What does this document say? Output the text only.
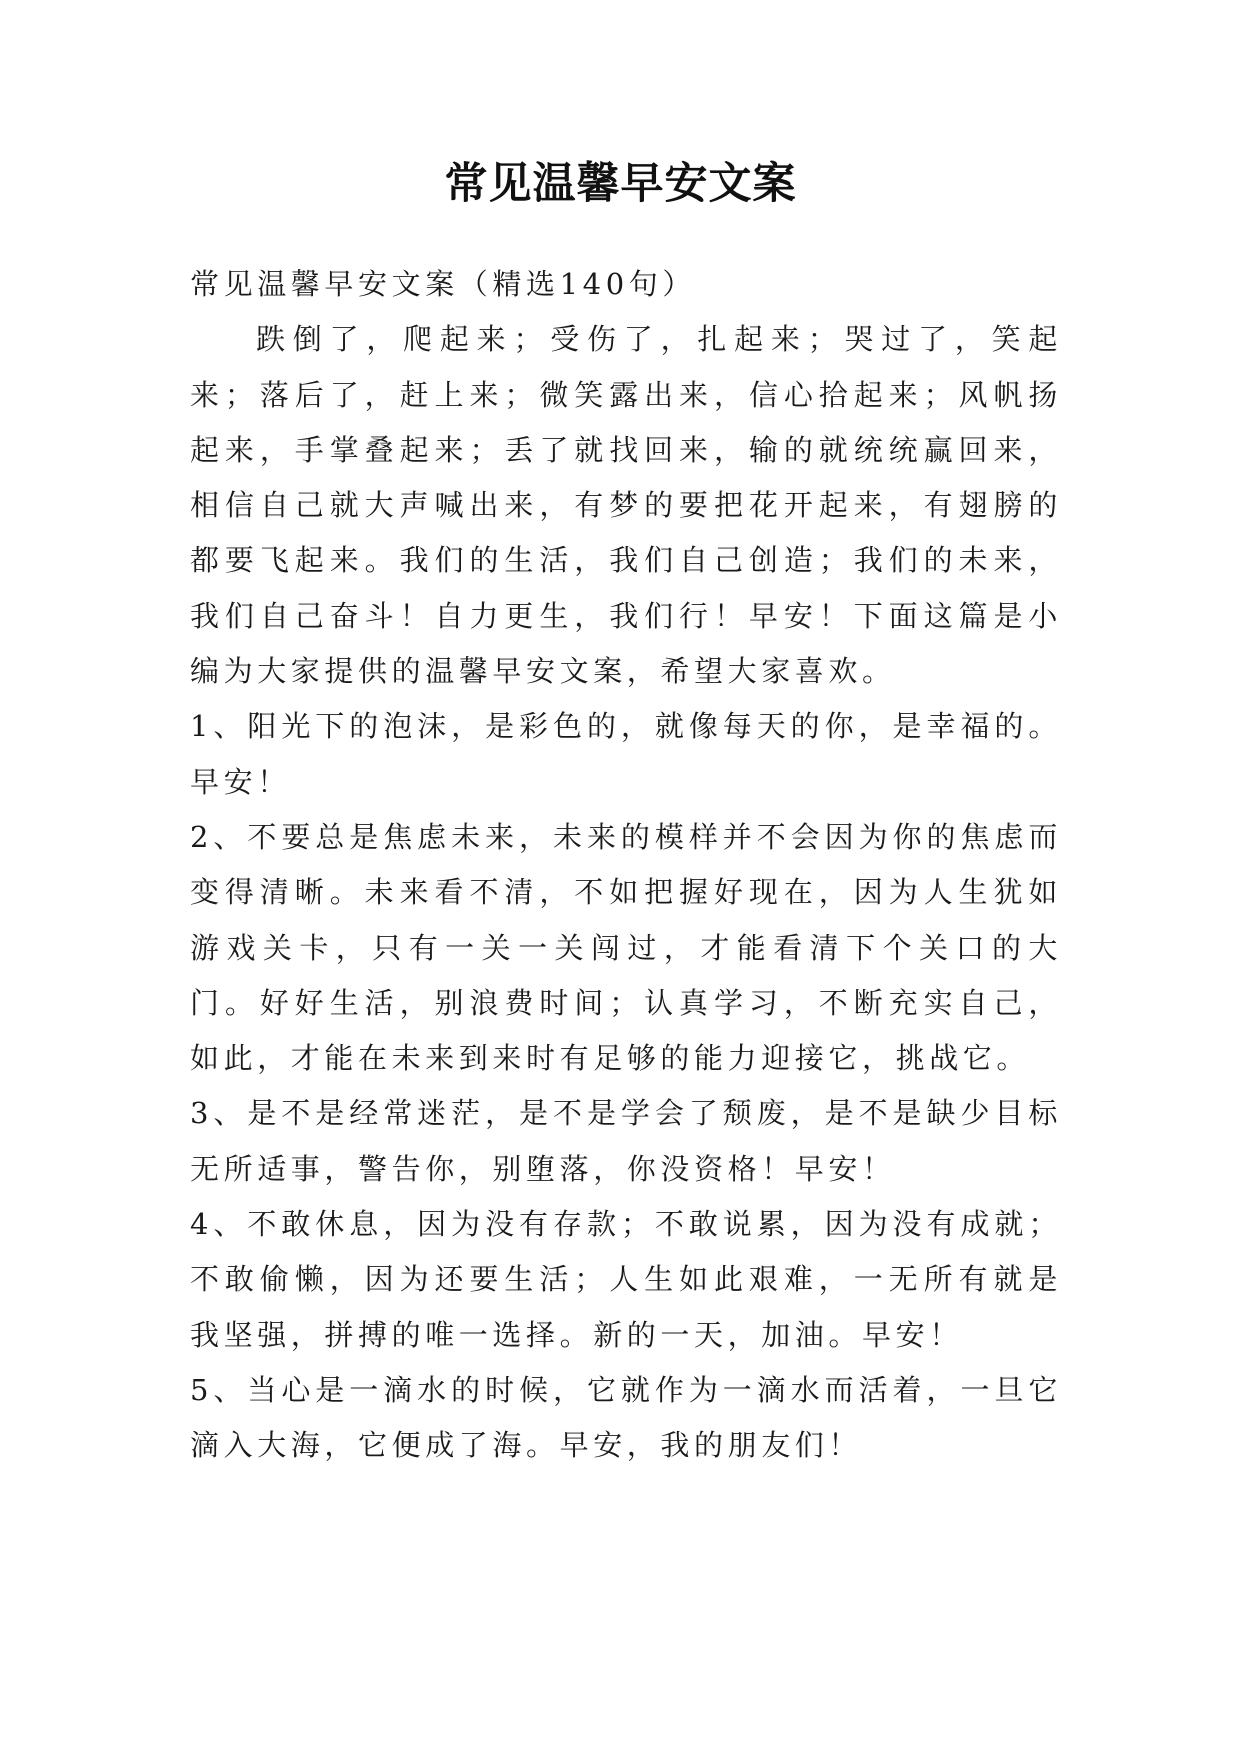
常见温馨早安文案

常见温馨早安文案（精选140句）

跌倒了，爬起来；受伤了，扎起来；哭过了，笑起来；落后了，赶上来；微笑露出来，信心拾起来；风帆扬起来，手掌叠起来；丢了就找回来，输的就统统赢回来，相信自己就大声喊出来，有梦的要把花开起来，有翅膀的都要飞起来。我们的生活，我们自己创造；我们的未来，我们自己奋斗！自力更生，我们行！早安！下面这篇是小编为大家提供的温馨早安文案，希望大家喜欢。

1、阳光下的泡沫，是彩色的，就像每天的你，是幸福的。早安！

2、不要总是焦虑未来，未来的模样并不会因为你的焦虑而变得清晰。未来看不清，不如把握好现在，因为人生犹如游戏关卡，只有一关一关闯过，才能看清下个关口的大门。好好生活，别浪费时间；认真学习，不断充实自己，如此，才能在未来到来时有足够的能力迎接它，挑战它。

3、是不是经常迷茫，是不是学会了颓废，是不是缺少目标无所适事，警告你，别堕落，你没资格！早安！

4、不敢休息，因为没有存款；不敢说累，因为没有成就；不敢偷懒，因为还要生活；人生如此艰难，一无所有就是我坚强，拼搏的唯一选择。新的一天，加油。早安！

5、当心是一滴水的时候，它就作为一滴水而活着，一旦它滴入大海，它便成了海。早安，我的朋友们！
